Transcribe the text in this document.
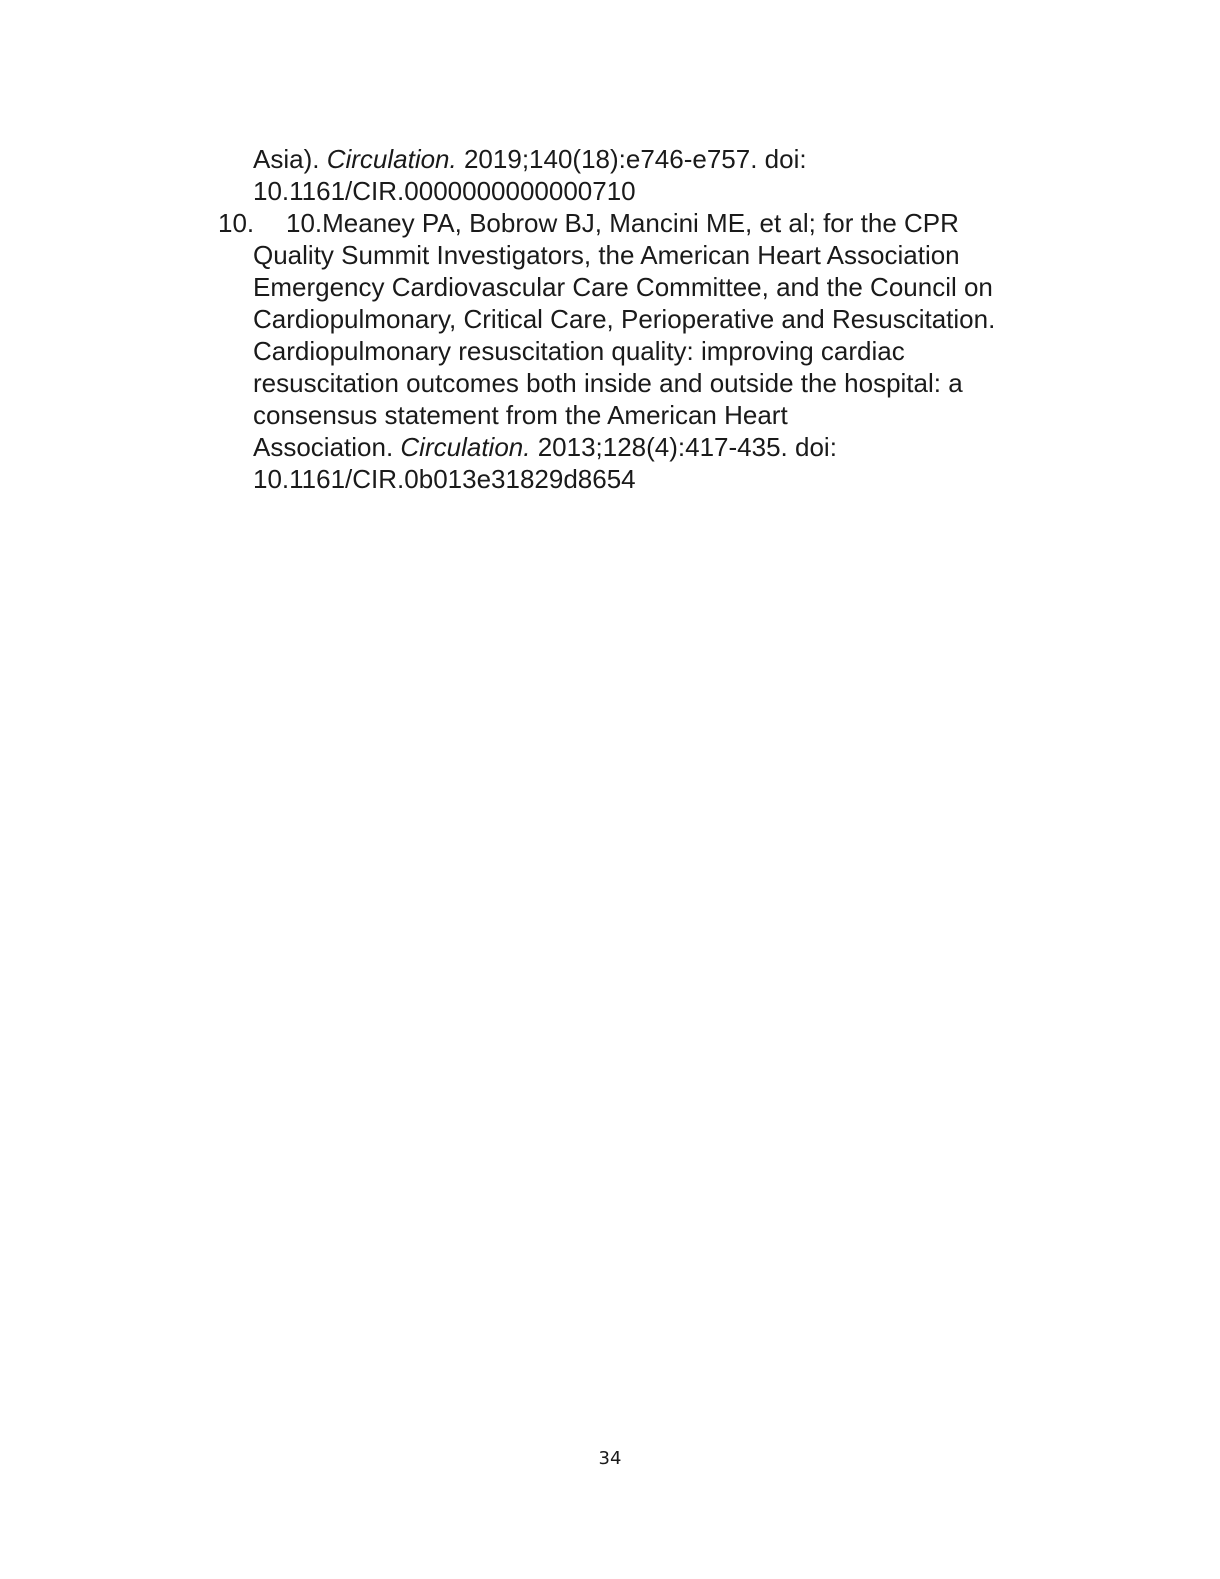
Asia). Circulation. 2019;140(18):e746-e757. doi:
10.1161/CIR.0000000000000710
10. 10.Meaney PA, Bobrow BJ, Mancini ME, et al; for the CPR
Quality Summit Investigators, the American Heart Association
Emergency Cardiovascular Care Committee, and the Council on
Cardiopulmonary, Critical Care, Perioperative and Resuscitation.
Cardiopulmonary resuscitation quality: improving cardiac
resuscitation outcomes both inside and outside the hospital: a
consensus statement from the American Heart
Association. Circulation. 2013;128(4):417-435. doi:
10.1161/CIR.0b013e31829d8654
34
